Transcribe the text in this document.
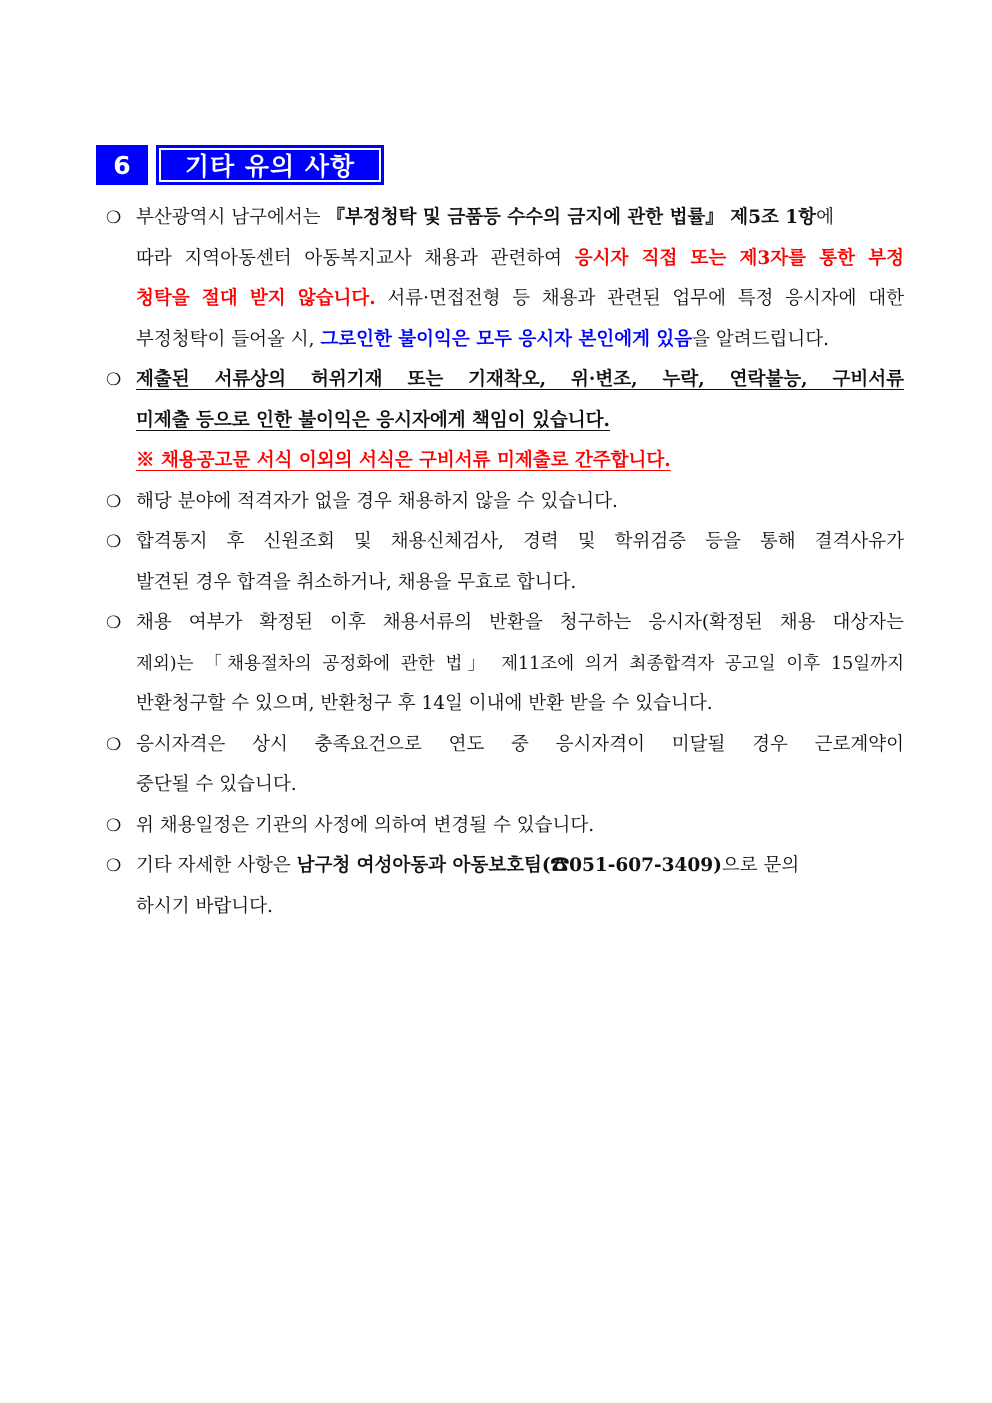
6	기타 유의 사항
❍ 부산광역시 남구에서는 『부정청탁 및 금품등 수수의 금지에 관한 법률』 제5조 1항에
따라 지역아동센터 아동복지교사 채용과 관련하여 응시자 직접 또는 제3자를 통한 부정
청탁을 절대 받지 않습니다. 서류·면접전형 등 채용과 관련된 업무에 특정 응시자에 대한
부정청탁이 들어올 시, 그로인한 불이익은 모두 응시자 본인에게 있음을 알려드립니다.
❍ 제출된 서류상의 허위기재 또는 기재착오, 위·변조, 누락, 연락불능, 구비서류
미제출 등으로 인한 불이익은 응시자에게 책임이 있습니다.
※ 채용공고문 서식 이외의 서식은 구비서류 미제출로 간주합니다.
❍ 해당 분야에 적격자가 없을 경우 채용하지 않을 수 있습니다.
❍ 합격통지 후 신원조회 및 채용신체검사, 경력 및 학위검증 등을 통해 결격사유가
발견된 경우 합격을 취소하거나, 채용을 무효로 합니다.
❍ 채용 여부가 확정된 이후 채용서류의 반환을 청구하는 응시자(확정된 채용 대상자는
제외)는 「채용절차의 공정화에 관한 법」 제11조에 의거 최종합격자 공고일 이후 15일까지
반환청구할 수 있으며, 반환청구 후 14일 이내에 반환 받을 수 있습니다.
❍ 응시자격은 상시 충족요건으로 연도 중 응시자격이 미달될 경우 근로계약이
중단될 수 있습니다.
❍ 위 채용일정은 기관의 사정에 의하여 변경될 수 있습니다.
❍ 기타 자세한 사항은 남구청 여성아동과 아동보호팀(☎051-607-3409)으로 문의
하시기 바랍니다.
